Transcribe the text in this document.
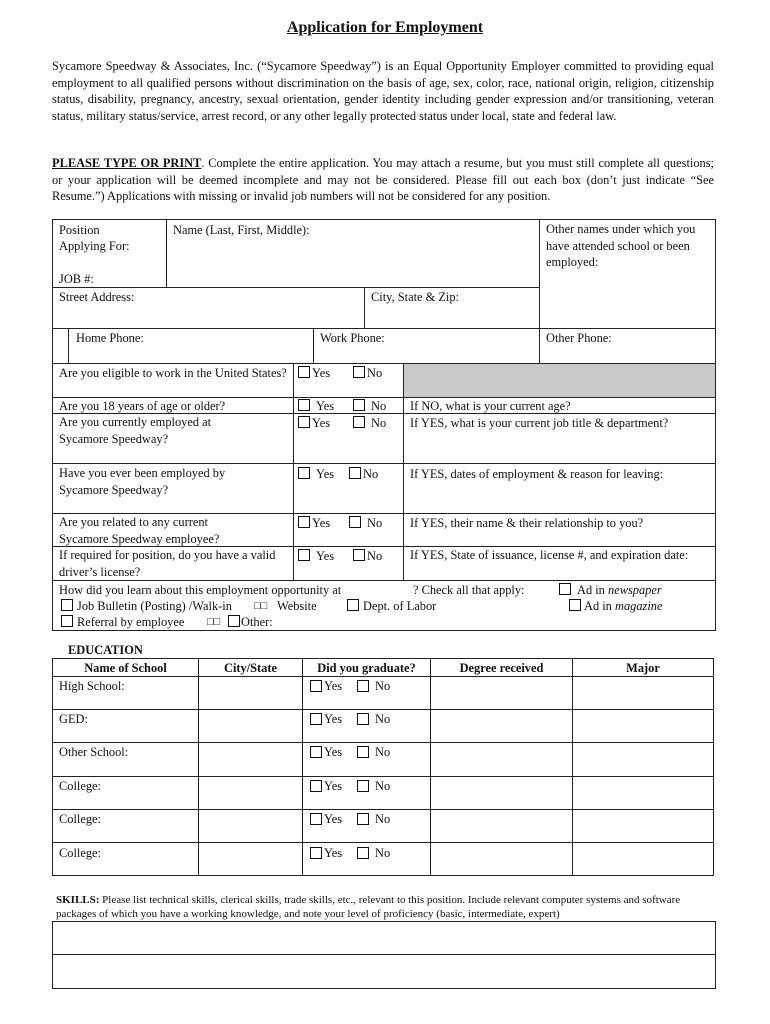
Application for Employment
Sycamore Speedway & Associates, Inc. (“Sycamore Speedway”) is an Equal Opportunity Employer committed to providing equal employment to all qualified persons without discrimination on the basis of age, sex, color, race, national origin, religion, citizenship status, disability, pregnancy, ancestry, sexual orientation, gender identity including gender expression and/or transitioning, veteran status, military status/service, arrest record, or any other legally protected status under local, state and federal law.
PLEASE TYPE OR PRINT. Complete the entire application. You may attach a resume, but you must still complete all questions; or your application will be deemed incomplete and may not be considered. Please fill out each box (don’t just indicate “See Resume.”) Applications with missing or invalid job numbers will not be considered for any position.
Position
Applying For:
JOB #:
Name (Last, First, Middle):	Other names under which you have attended school or been employed:
Street Address:	City, State & Zip:
Home Phone:	Work Phone:	Other Phone:
Are you eligible to work in the United States? Yes	No
Are you 18 years of age or older?	Yes	No If NO, what is your current age?
Are you currently employed at Sycamore Speedway?
Yes	No If YES, what is your current job title & department?
Have you ever been employed by Sycamore Speedway?
Yes No	If YES, dates of employment & reason for leaving:
Are you related to any current Sycamore Speedway employee?
Yes	No If YES, their name & their relationship to you?
If required for position, do you have a valid driver’s license?
Yes	No If YES, State of issuance, license #, and expiration date:
How did you learn about this employment opportunity at	? Check all that apply:	Ad in newspaper
Job Bulletin (Posting) /Walk-in □□ Website	Dept. of Labor	Ad in magazine
Referral by employee □□ Other:
EDUCATION
Name of School	City/State	Did you graduate?	Degree received	Major
High School:	Yes	No
GED:	Yes	No
Other School:	Yes	No
College:	Yes	No
College:	Yes	No
College:	Yes	No
SKILLS: Please list technical skills, clerical skills, trade skills, etc., relevant to this position. Include relevant computer systems and software packages of which you have a working knowledge, and note your level of proficiency (basic, intermediate, expert)
